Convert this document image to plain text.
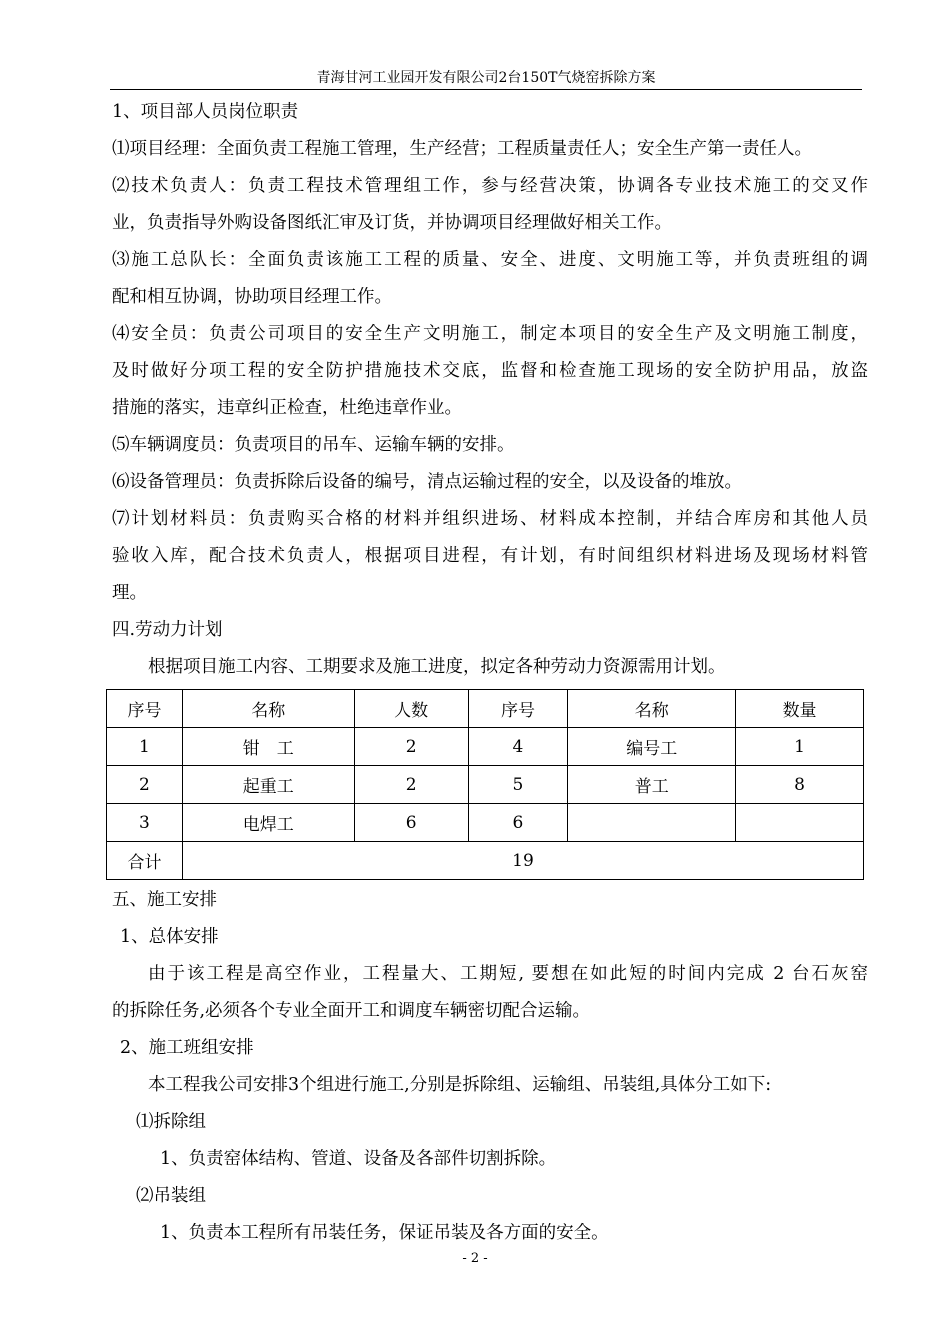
青海甘河工业园开发有限公司2台150T气烧窑拆除方案
1、项目部人员岗位职责
⑴项目经理：全面负责工程施工管理，生产经营；工程质量责任人；安全生产第一责任人。
⑵技术负责人：负责工程技术管理组工作，参与经营决策，协调各专业技术施工的交叉作
业，负责指导外购设备图纸汇审及订货，并协调项目经理做好相关工作。
⑶施工总队长：全面负责该施工工程的质量、安全、进度、文明施工等，并负责班组的调
配和相互协调，协助项目经理工作。
⑷安全员：负责公司项目的安全生产文明施工，制定本项目的安全生产及文明施工制度，
及时做好分项工程的安全防护措施技术交底，监督和检查施工现场的安全防护用品，放盗
措施的落实，违章纠正检查，杜绝违章作业。
⑸车辆调度员：负责项目的吊车、运输车辆的安排。
⑹设备管理员：负责拆除后设备的编号，清点运输过程的安全，以及设备的堆放。
⑺计划材料员：负责购买合格的材料并组织进场、材料成本控制，并结合库房和其他人员
验收入库，配合技术负责人，根据项目进程，有计划，有时间组织材料进场及现场材料管
理。
四.劳动力计划
根据项目施工内容、工期要求及施工进度，拟定各种劳动力资源需用计划。
序号	名称	人数	序号	名称	数量
1	钳　工	2	4	编号工	1
2	起重工	2	5	普工	8
3	电焊工	6	6		
合计	19				
五、施工安排
1、总体安排
由于该工程是高空作业，工程量大、工期短, 要想在如此短的时间内完成 2 台石灰窑
的拆除任务,必须各个专业全面开工和调度车辆密切配合运输。
2、施工班组安排
本工程我公司安排3个组进行施工,分别是拆除组、运输组、吊装组,具体分工如下:
⑴拆除组
1、负责窑体结构、管道、设备及各部件切割拆除。
⑵吊装组
1、负责本工程所有吊装任务，保证吊装及各方面的安全。
- 2 -
